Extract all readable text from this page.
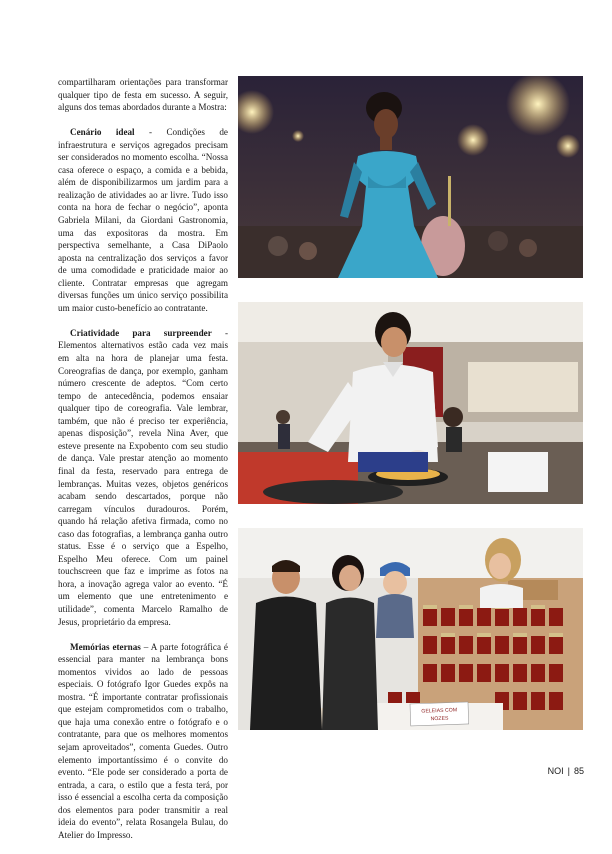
compartilharam orientações para transformar qualquer tipo de festa em sucesso. A seguir, alguns dos temas abordados durante a Mostra:

Cenário ideal - Condições de infraestrutura e serviços agregados precisam ser considerados no momento escolha. “Nossa casa oferece o espaço, a comida e a bebida, além de disponibilizarmos um jardim para a realização de atividades ao ar livre. Tudo isso conta na hora de fechar o negócio”, aponta Gabriela Milani, da Giordani Gastronomia, uma das expositoras da mostra. Em perspectiva semelhante, a Casa DiPaolo aposta na centralização dos serviços a favor de uma comodidade e praticidade maior ao cliente. Contratar empresas que agregam diversas funções um único serviço possibilita um maior custo-benefício ao contratante.

Criatividade para surpreender - Elementos alternativos estão cada vez mais em alta na hora de planejar uma festa. Coreografias de dança, por exemplo, ganham número crescente de adeptos. “Com certo tempo de antecedência, podemos ensaiar qualquer tipo de coreografia. Vale lembrar, também, que não é preciso ter experiência, apenas disposição”, revela Nina Aver, que esteve presente na Expobento com seu studio de dança. Vale prestar atenção ao momento final da festa, reservado para entrega de lembranças. Muitas vezes, objetos genéricos acabam sendo descartados, porque não carregam vínculos duradouros. Porém, quando há relação afetiva firmada, como no caso das fotografias, a lembrança ganha outro status. Esse é o serviço que a Espelho, Espelho Meu oferece. Com um painel touchscreen que faz e imprime as fotos na hora, a inovação agrega valor ao evento. “É um elemento que une entretenimento e utilidade”, comenta Marcelo Ramalho de Jesus, proprietário da empresa.

Memórias eternas – A parte fotográfica é essencial para manter na lembrança bons momentos vividos ao lado de pessoas especiais. O fotógrafo Igor Guedes expôs na mostra. “É importante contratar profissionais que estejam comprometidos com o trabalho, que haja uma conexão entre o fotógrafo e o contratante, para que os melhores momentos sejam aproveitados”, comenta Guedes. Outro elemento importantíssimo é o convite do evento. “Ele pode ser considerado a porta de entrada, a cara, o estilo que a festa terá, por isso é essencial a escolha certa da composição dos elementos para poder transmitir a real ideia do evento”, relata Rosangela Bulau, do Atelier do Impresso.

GELEIAS COM
NOZES
NOI | 85
